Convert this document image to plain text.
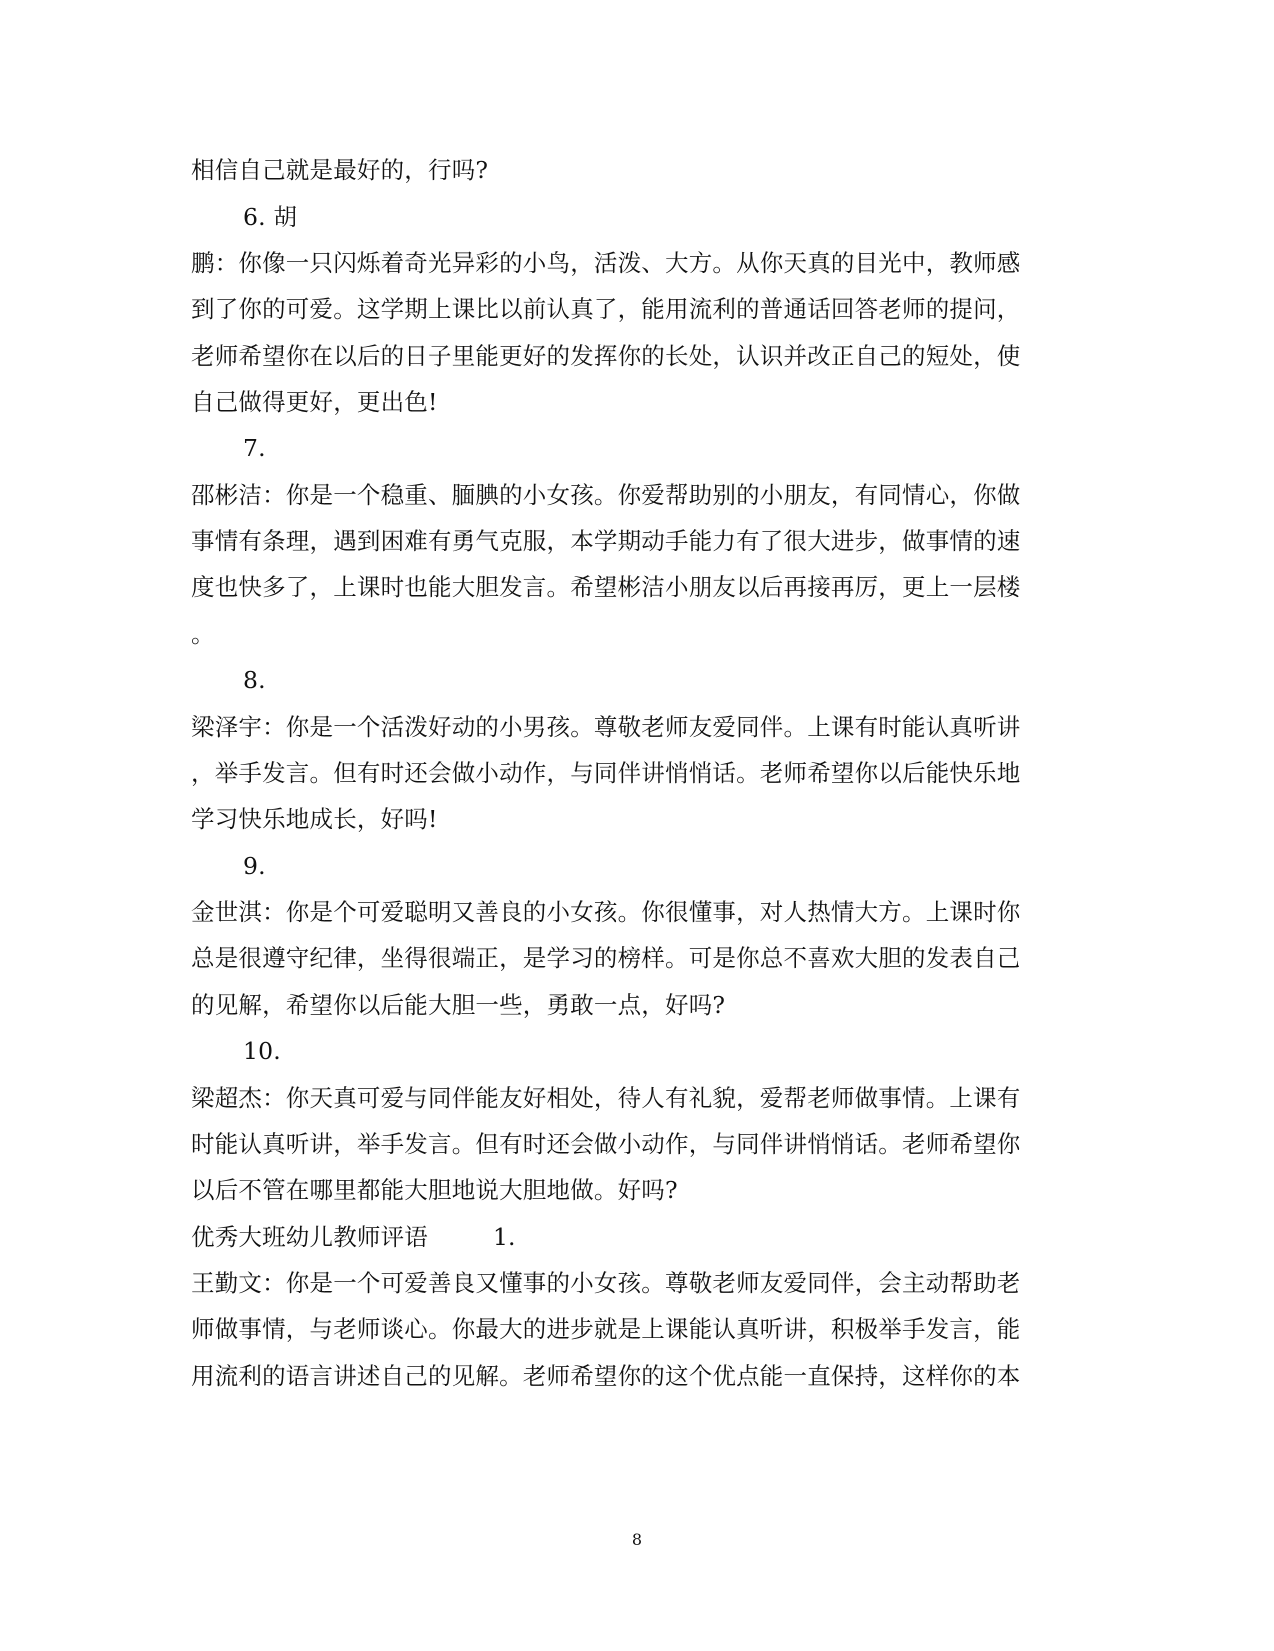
相信自己就是最好的，行吗?
6. 胡
鹏：你像一只闪烁着奇光异彩的小鸟，活泼、大方。从你天真的目光中，教师感
到了你的可爱。这学期上课比以前认真了，能用流利的普通话回答老师的提问，
老师希望你在以后的日子里能更好的发挥你的长处，认识并改正自己的短处，使
自己做得更好，更出色!
7.
邵彬洁：你是一个稳重、腼腆的小女孩。你爱帮助别的小朋友，有同情心，你做
事情有条理，遇到困难有勇气克服，本学期动手能力有了很大进步，做事情的速
度也快多了，上课时也能大胆发言。希望彬洁小朋友以后再接再厉，更上一层楼
。
8.
梁泽宇：你是一个活泼好动的小男孩。尊敬老师友爱同伴。上课有时能认真听讲
，举手发言。但有时还会做小动作，与同伴讲悄悄话。老师希望你以后能快乐地
学习快乐地成长，好吗!
9.
金世淇：你是个可爱聪明又善良的小女孩。你很懂事，对人热情大方。上课时你
总是很遵守纪律，坐得很端正，是学习的榜样。可是你总不喜欢大胆的发表自己
的见解，希望你以后能大胆一些，勇敢一点，好吗?
10.
梁超杰：你天真可爱与同伴能友好相处，待人有礼貌，爱帮老师做事情。上课有
时能认真听讲，举手发言。但有时还会做小动作，与同伴讲悄悄话。老师希望你
以后不管在哪里都能大胆地说大胆地做。好吗?
优秀大班幼儿教师评语	1.
王勤文：你是一个可爱善良又懂事的小女孩。尊敬老师友爱同伴，会主动帮助老
师做事情，与老师谈心。你最大的进步就是上课能认真听讲，积极举手发言，能
用流利的语言讲述自己的见解。老师希望你的这个优点能一直保持，这样你的本
8
